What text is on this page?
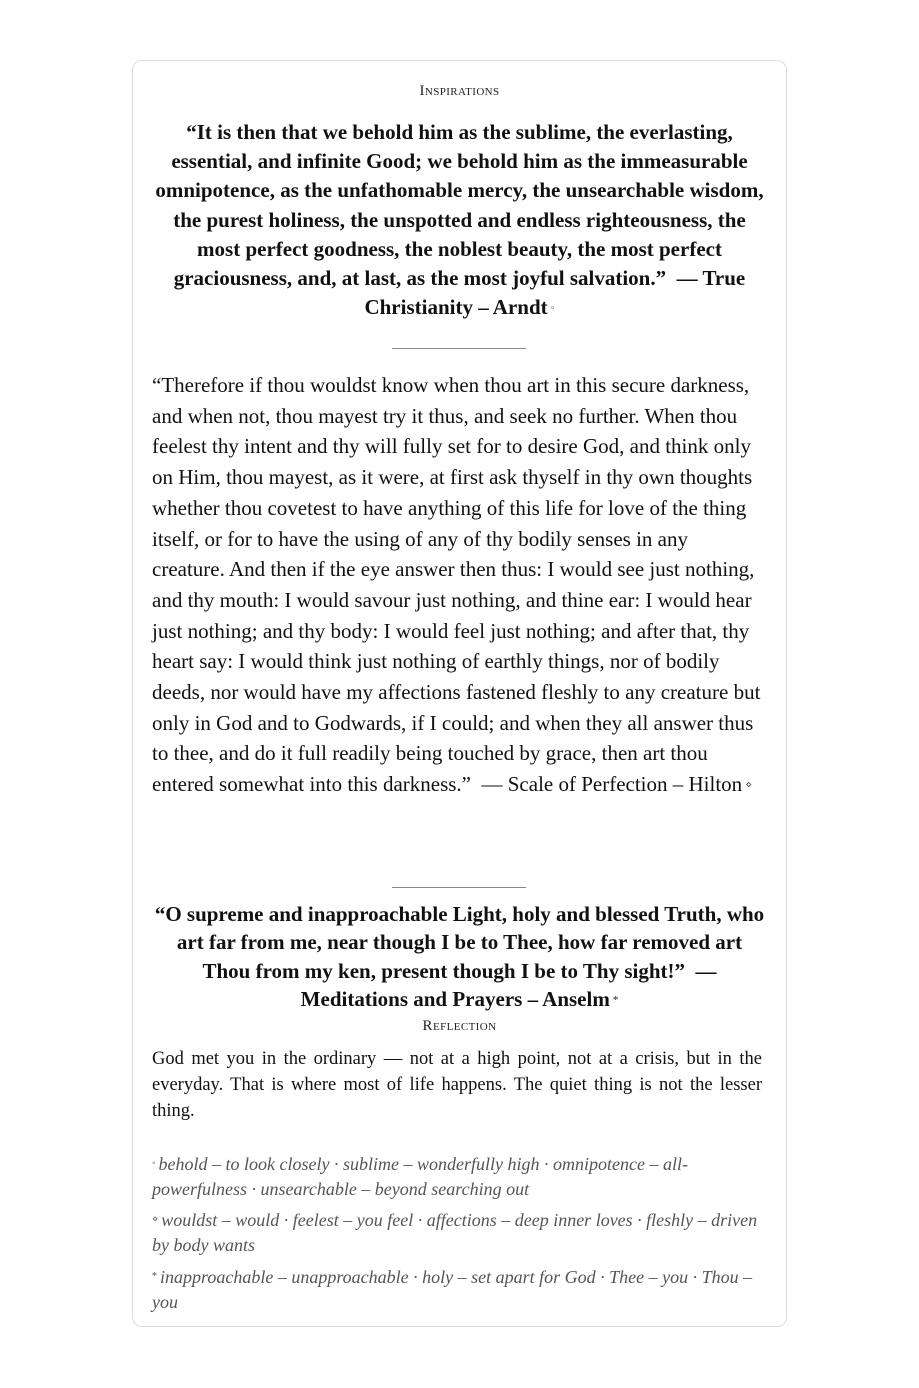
Inspirations
“It is then that we behold him as the sublime, the everlasting, essential, and infinite Good; we behold him as the immeasurable omnipotence, as the unfathomable mercy, the unsearchable wisdom, the purest holiness, the unspotted and endless righteousness, the most perfect goodness, the noblest beauty, the most perfect graciousness, and, at last, as the most joyful salvation.” — True Christianity – Arndt ◦
“Therefore if thou wouldst know when thou art in this secure darkness, and when not, thou mayest try it thus, and seek no further. When thou feelest thy intent and thy will fully set for to desire God, and think only on Him, thou mayest, as it were, at first ask thyself in thy own thoughts whether thou covetest to have anything of this life for love of the thing itself, or for to have the using of any of thy bodily senses in any creature. And then if the eye answer then thus: I would see just nothing, and thy mouth: I would savour just nothing, and thine ear: I would hear just nothing; and thy body: I would feel just nothing; and after that, thy heart say: I would think just nothing of earthly things, nor of bodily deeds, nor would have my affections fastened fleshly to any creature but only in God and to Godwards, if I could; and when they all answer thus to thee, and do it full readily being touched by grace, then art thou entered somewhat into this darkness.” — Scale of Perfection – Hilton ⋄
“O supreme and inapproachable Light, holy and blessed Truth, who art far from me, near though I be to Thee, how far removed art Thou from my ken, present though I be to Thy sight!” — Meditations and Prayers – Anselm *
Reflection
God met you in the ordinary — not at a high point, not at a crisis, but in the everyday. That is where most of life happens. The quiet thing is not the lesser thing.
◦ behold – to look closely · sublime – wonderfully high · omnipotence – all-powerfulness · unsearchable – beyond searching out
⋄ wouldst – would · feelest – you feel · affections – deep inner loves · fleshly – driven by body wants
* inapproachable – unapproachable · holy – set apart for God · Thee – you · Thou – you
